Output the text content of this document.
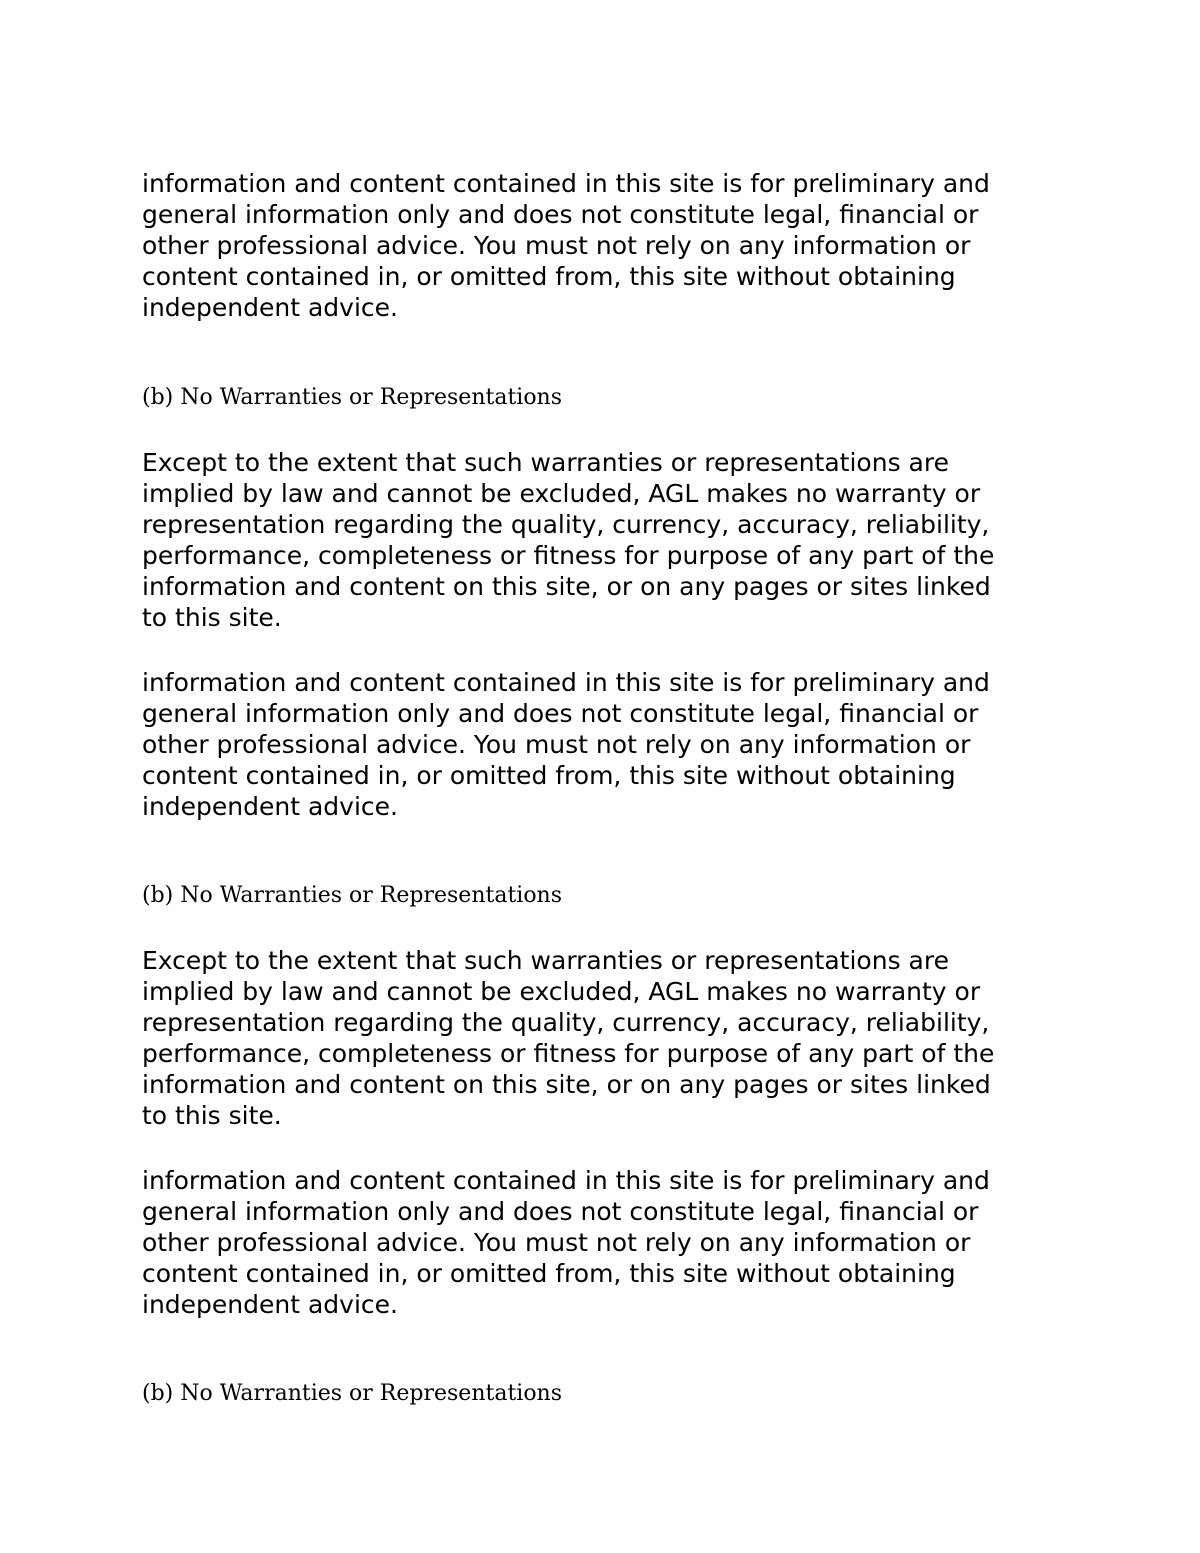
information and content contained in this site is for preliminary and
general information only and does not constitute legal, financial or
other professional advice. You must not rely on any information or
content contained in, or omitted from, this site without obtaining
independent advice.

(b) No Warranties or Representations

Except to the extent that such warranties or representations are
implied by law and cannot be excluded, AGL makes no warranty or
representation regarding the quality, currency, accuracy, reliability,
performance, completeness or fitness for purpose of any part of the
information and content on this site, or on any pages or sites linked
to this site.

information and content contained in this site is for preliminary and
general information only and does not constitute legal, financial or
other professional advice. You must not rely on any information or
content contained in, or omitted from, this site without obtaining
independent advice.

(b) No Warranties or Representations

Except to the extent that such warranties or representations are
implied by law and cannot be excluded, AGL makes no warranty or
representation regarding the quality, currency, accuracy, reliability,
performance, completeness or fitness for purpose of any part of the
information and content on this site, or on any pages or sites linked
to this site.

information and content contained in this site is for preliminary and
general information only and does not constitute legal, financial or
other professional advice. You must not rely on any information or
content contained in, or omitted from, this site without obtaining
independent advice.

(b) No Warranties or Representations
